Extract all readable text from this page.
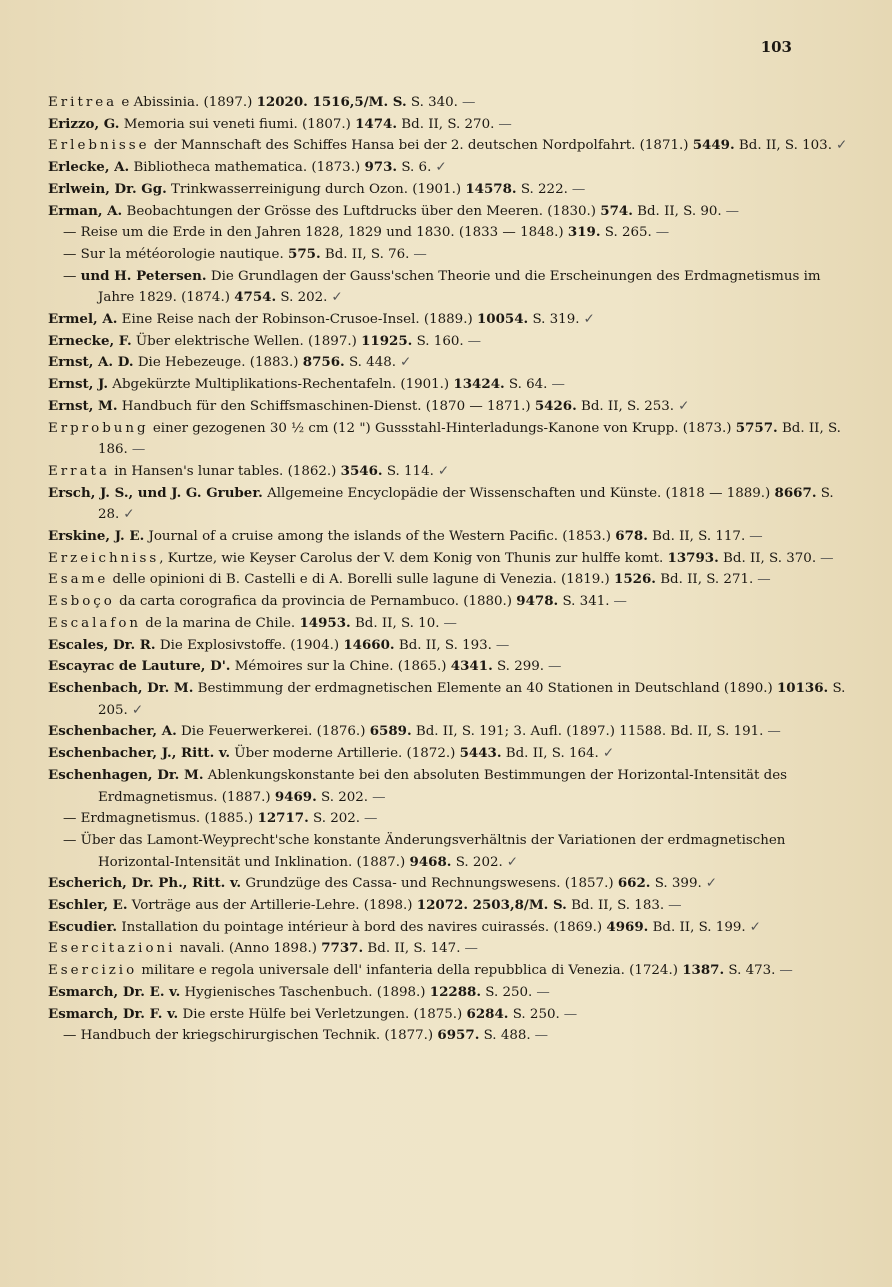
103
Eritrea e Abissinia. (1897.) 12020. 1516,5/M. S. S. 340. —
Erizzo, G. Memoria sui veneti fiumi. (1807.) 1474. Bd. II, S. 270. —
Erlebnisse der Mannschaft des Schiffes Hansa bei der 2. deutschen Nordpolfahrt. (1871.) 5449. Bd. II, S. 103. ✓
Erlecke, A. Bibliotheca mathematica. (1873.) 973. S. 6. ✓
Erlwein, Dr. Gg. Trinkwasserreinigung durch Ozon. (1901.) 14578. S. 222. —
Erman, A. Beobachtungen der Grösse des Luftdrucks über den Meeren. (1830.) 574. Bd. II, S. 90. —
— Reise um die Erde in den Jahren 1828, 1829 und 1830. (1833 — 1848.) 319. S. 265. —
— Sur la météorologie nautique. 575. Bd. II, S. 76. —
— und H. Petersen. Die Grundlagen der Gauss'schen Theorie und die Erscheinungen des Erdmagnetismus im Jahre 1829. (1874.) 4754. S. 202. ✓
Ermel, A. Eine Reise nach der Robinson-Crusoe-Insel. (1889.) 10054. S. 319. ✓
Ernecke, F. Über elektrische Wellen. (1897.) 11925. S. 160. —
Ernst, A. D. Die Hebezeuge. (1883.) 8756. S. 448. ✓
Ernst, J. Abgekürzte Multiplikations-Rechentafeln. (1901.) 13424. S. 64. —
Ernst, M. Handbuch für den Schiffsmaschinen-Dienst. (1870 — 1871.) 5426. Bd. II, S. 253. ✓
Erprobung einer gezogenen 30 ½ cm (12 ") Gussstahl-Hinterladungs-Kanone von Krupp. (1873.) 5757. Bd. II, S. 186. —
Errata in Hansen's lunar tables. (1862.) 3546. S. 114. ✓
Ersch, J. S., und J. G. Gruber. Allgemeine Encyclopädie der Wissenschaften und Künste. (1818 — 1889.) 8667. S. 28. ✓
Erskine, J. E. Journal of a cruise among the islands of the Western Pacific. (1853.) 678. Bd. II, S. 117. —
Erzeichniss, Kurtze, wie Keyser Carolus der V. dem Konig von Thunis zur hulffe komt. 13793. Bd. II, S. 370. —
Esame delle opinioni di B. Castelli e di A. Borelli sulle lagune di Venezia. (1819.) 1526. Bd. II, S. 271. —
Esboço da carta corografica da provincia de Pernambuco. (1880.) 9478. S. 341. —
Escalafon de la marina de Chile. 14953. Bd. II, S. 10. —
Escales, Dr. R. Die Explosivstoffe. (1904.) 14660. Bd. II, S. 193. —
Escayrac de Lauture, D'. Mémoires sur la Chine. (1865.) 4341. S. 299. —
Eschenbach, Dr. M. Bestimmung der erdmagnetischen Elemente an 40 Stationen in Deutschland (1890.) 10136. S. 205. ✓
Eschenbacher, A. Die Feuerwerkerei. (1876.) 6589. Bd. II, S. 191; 3. Aufl. (1897.) 11588. Bd. II, S. 191. —
Eschenbacher, J., Ritt. v. Über moderne Artillerie. (1872.) 5443. Bd. II, S. 164. ✓
Eschenhagen, Dr. M. Ablenkungskonstante bei den absoluten Bestimmungen der Horizontal-Intensität des Erdmagnetismus. (1887.) 9469. S. 202. —
— Erdmagnetismus. (1885.) 12717. S. 202. —
— Über das Lamont-Weyprecht'sche konstante Änderungsverhältnis der Variationen der erdmagnetischen Horizontal-Intensität und Inklination. (1887.) 9468. S. 202. ✓
Escherich, Dr. Ph., Ritt. v. Grundzüge des Cassa- und Rechnungswesens. (1857.) 662. S. 399. ✓
Eschler, E. Vorträge aus der Artillerie-Lehre. (1898.) 12072. 2503,8/M. S. Bd. II, S. 183. —
Escudier. Installation du pointage intérieur à bord des navires cuirassés. (1869.) 4969. Bd. II, S. 199. ✓
Esercitazioni navali. (Anno 1898.) 7737. Bd. II, S. 147. —
Esercizio militare e regola universale dell' infanteria della repubblica di Venezia. (1724.) 1387. S. 473. —
Esmarch, Dr. E. v. Hygienisches Taschenbuch. (1898.) 12288. S. 250. —
Esmarch, Dr. F. v. Die erste Hülfe bei Verletzungen. (1875.) 6284. S. 250. —
— Handbuch der kriegschirurgischen Technik. (1877.) 6957. S. 488. —
